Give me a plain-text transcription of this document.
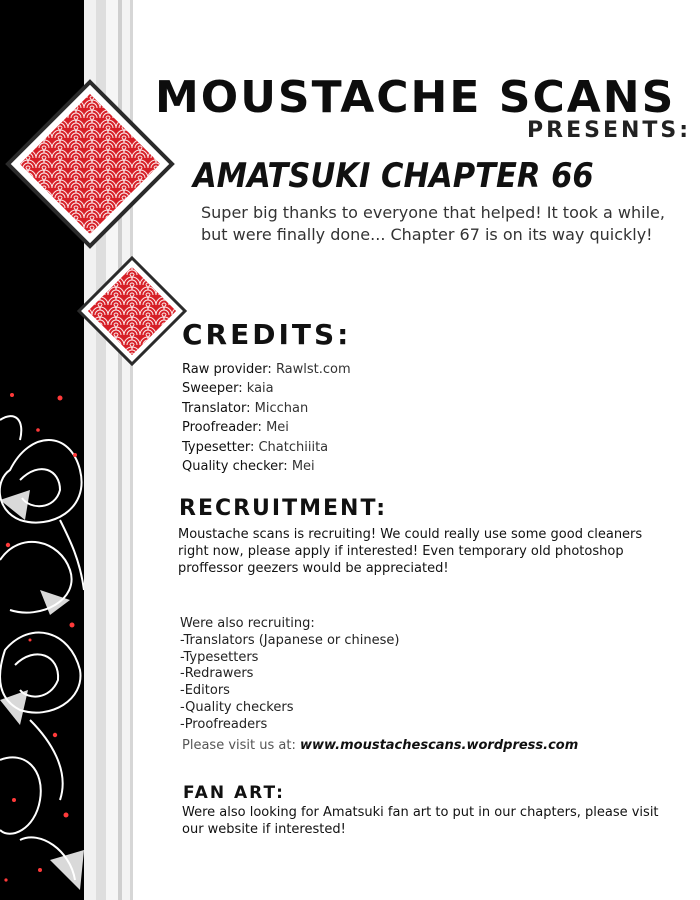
MOUSTACHE SCANS
PRESENTS:
AMATSUKI CHAPTER 66
Super big thanks to everyone that helped! It took a while, but were finally done... Chapter 67 is on its way quickly!
CREDITS:
Raw provider: Rawlst.com
Sweeper: kaia
Translator: Micchan
Proofreader: Mei
Typesetter: Chatchiiita
Quality checker: Mei
RECRUITMENT:
Moustache scans is recruiting! We could really use some good cleaners right now, please apply if interested! Even temporary old photoshop proffessor geezers would be appreciated!
Were also recruiting:
-Translators (Japanese or chinese)
-Typesetters
-Redrawers
-Editors
-Quality checkers
-Proofreaders
Please visit us at: www.moustachescans.wordpress.com
FAN ART:
Were also looking for Amatsuki fan art to put in our chapters, please visit our website if interested!
